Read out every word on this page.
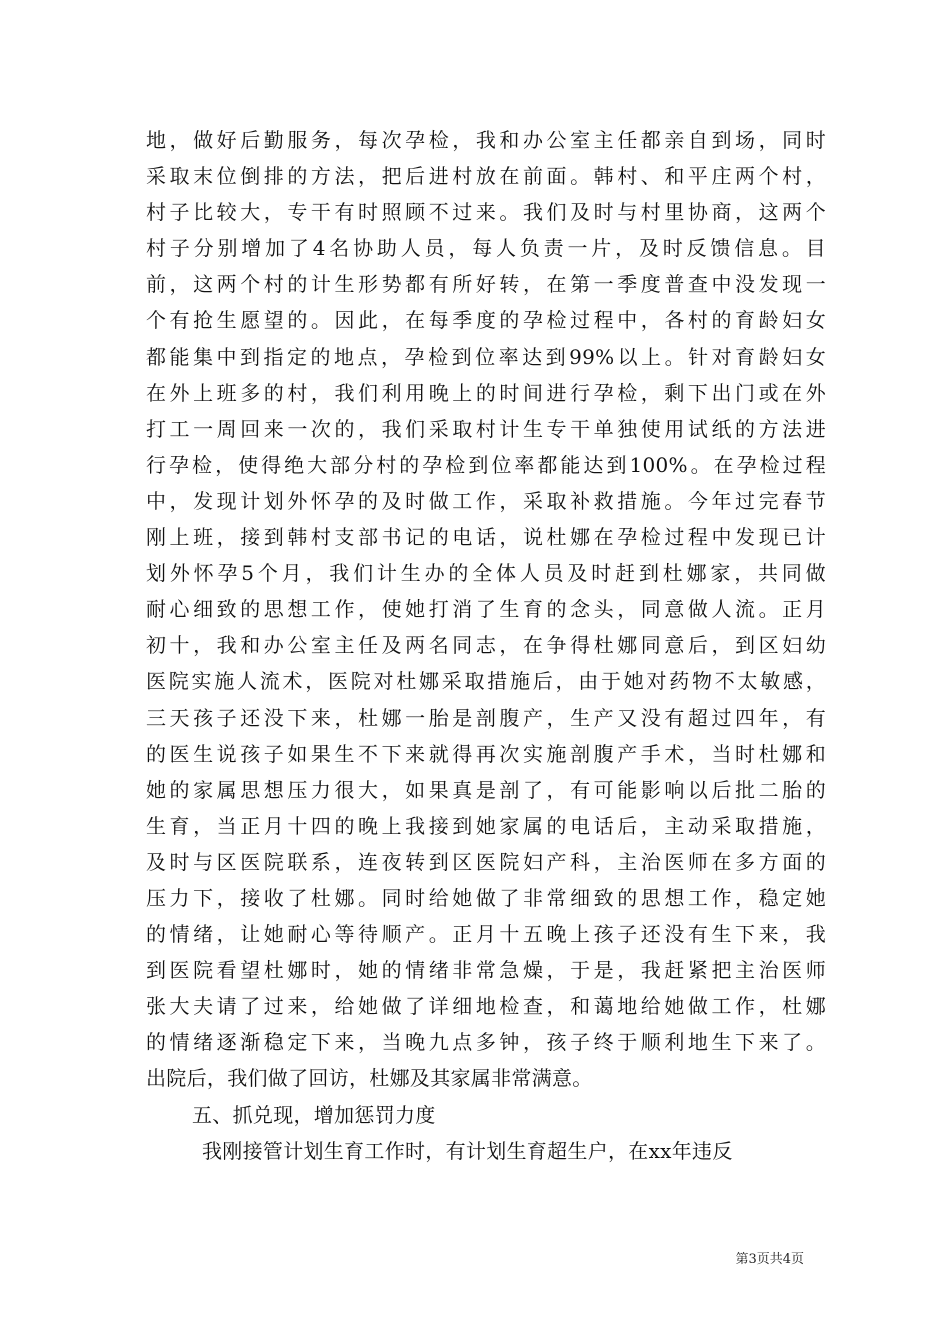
地，做好后勤服务，每次孕检，我和办公室主任都亲自到场，同时
采取末位倒排的方法，把后进村放在前面。韩村、和平庄两个村，
村子比较大，专干有时照顾不过来。我们及时与村里协商，这两个
村子分别增加了4名协助人员，每人负责一片，及时反馈信息。目
前，这两个村的计生形势都有所好转，在第一季度普查中没发现一
个有抢生愿望的。因此，在每季度的孕检过程中，各村的育龄妇女
都能集中到指定的地点，孕检到位率达到99%以上。针对育龄妇女
在外上班多的村，我们利用晚上的时间进行孕检，剩下出门或在外
打工一周回来一次的，我们采取村计生专干单独使用试纸的方法进
行孕检，使得绝大部分村的孕检到位率都能达到100%。在孕检过程
中，发现计划外怀孕的及时做工作，采取补救措施。今年过完春节
刚上班，接到韩村支部书记的电话，说杜娜在孕检过程中发现已计
划外怀孕5个月，我们计生办的全体人员及时赶到杜娜家，共同做
耐心细致的思想工作，使她打消了生育的念头，同意做人流。正月
初十，我和办公室主任及两名同志，在争得杜娜同意后，到区妇幼
医院实施人流术，医院对杜娜采取措施后，由于她对药物不太敏感，
三天孩子还没下来，杜娜一胎是剖腹产，生产又没有超过四年，有
的医生说孩子如果生不下来就得再次实施剖腹产手术，当时杜娜和
她的家属思想压力很大，如果真是剖了，有可能影响以后批二胎的
生育，当正月十四的晚上我接到她家属的电话后，主动采取措施，
及时与区医院联系，连夜转到区医院妇产科，主治医师在多方面的
压力下，接收了杜娜。同时给她做了非常细致的思想工作，稳定她
的情绪，让她耐心等待顺产。正月十五晚上孩子还没有生下来，我
到医院看望杜娜时，她的情绪非常急燥，于是，我赶紧把主治医师
张大夫请了过来，给她做了详细地检查，和蔼地给她做工作，杜娜
的情绪逐渐稳定下来，当晚九点多钟，孩子终于顺利地生下来了。
出院后，我们做了回访，杜娜及其家属非常满意。
五、抓兑现，增加惩罚力度
我刚接管计划生育工作时，有计划生育超生户，在xx年违反
第3页共4页
